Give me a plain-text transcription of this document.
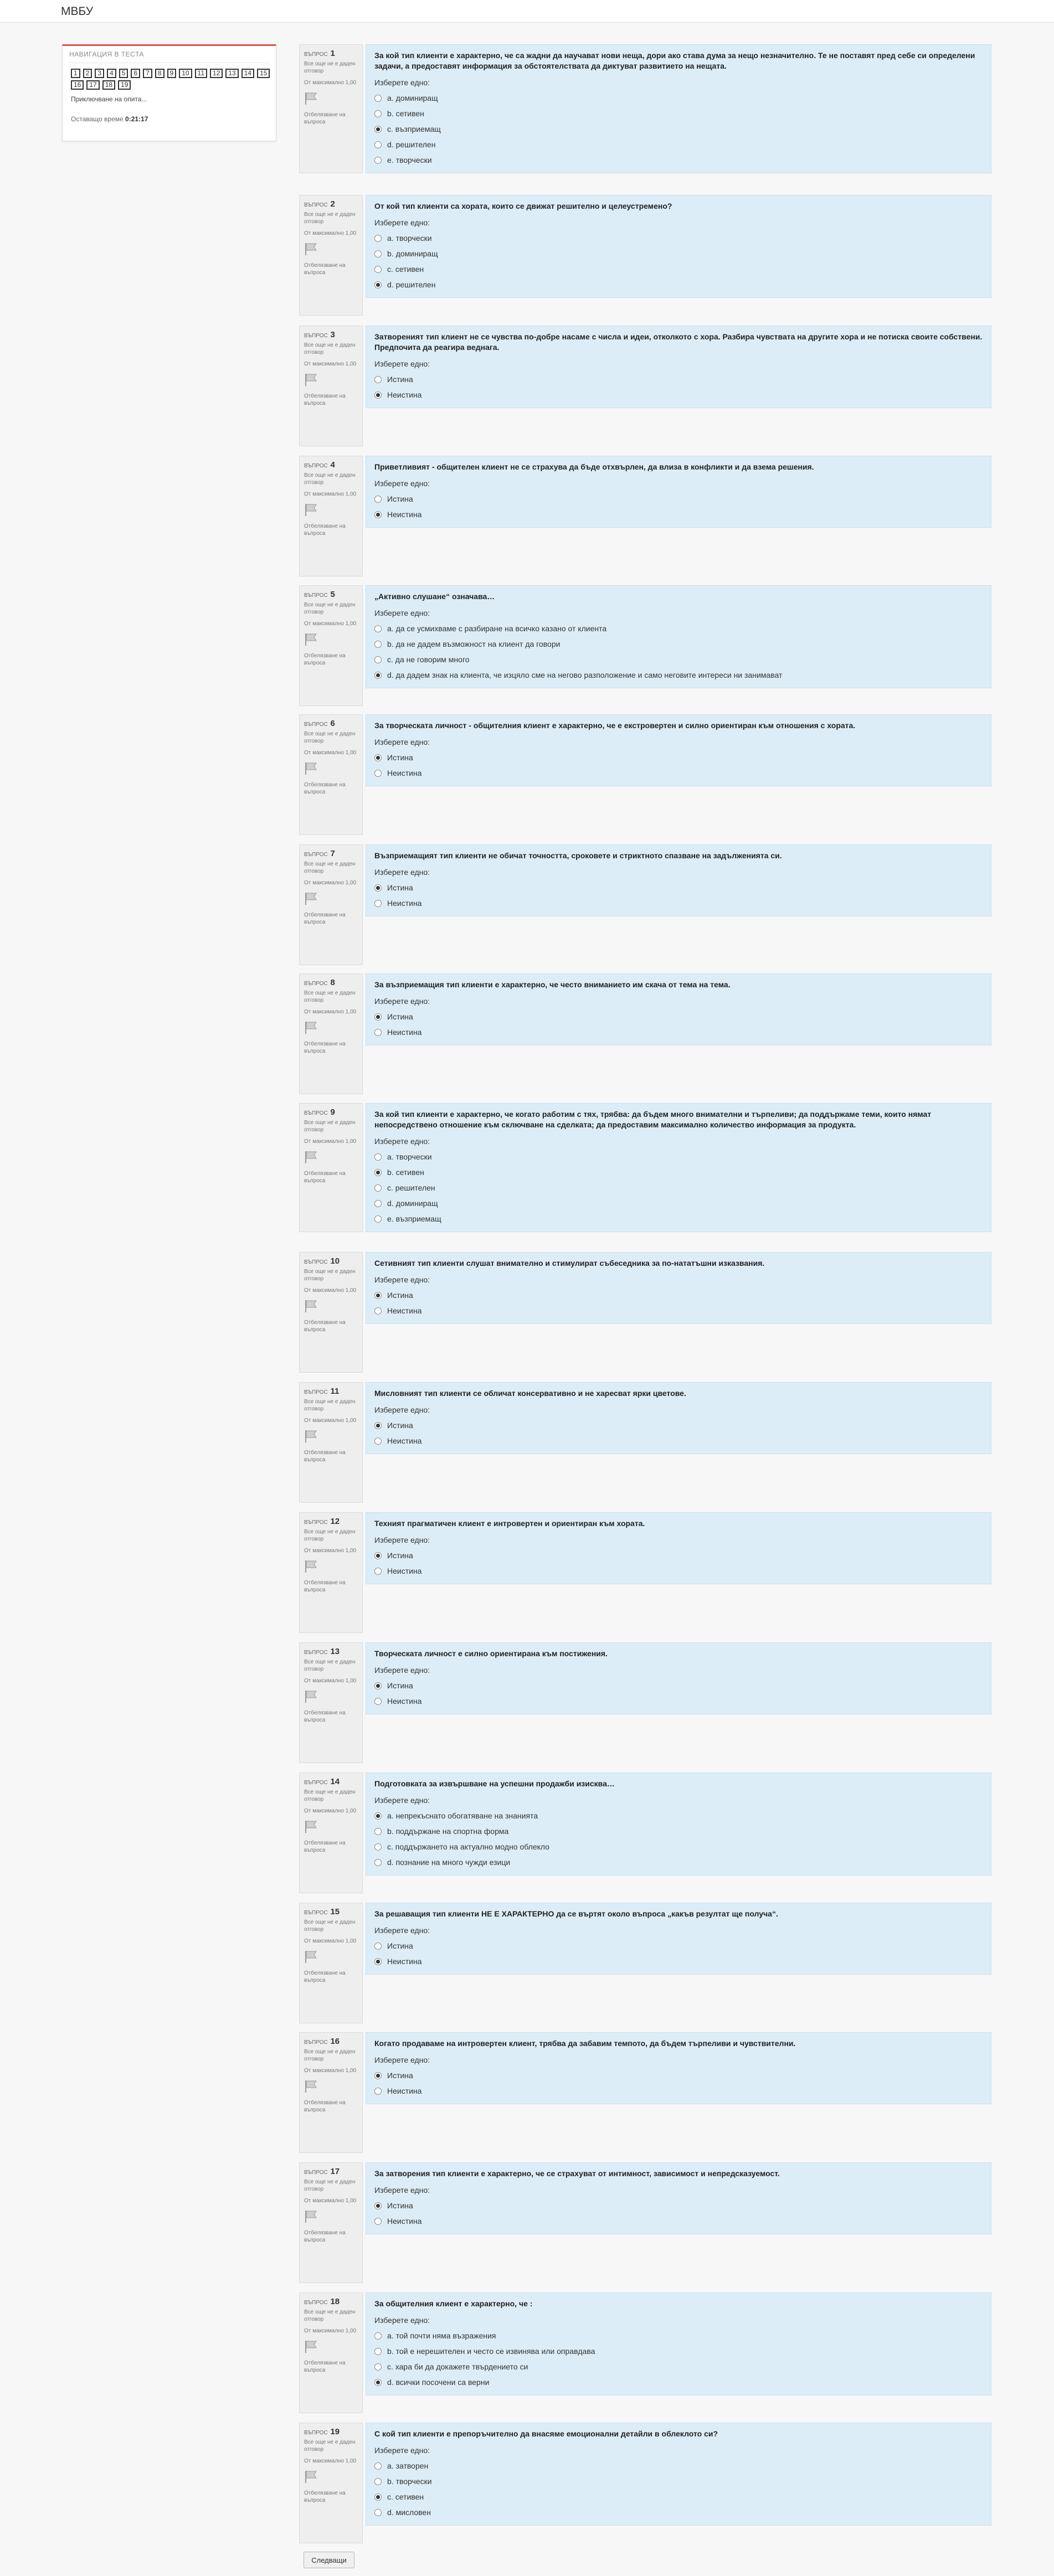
МВБУ
НАВИГАЦИЯ В ТЕСТА
1	2	3	4	5	6	7	8	9	10	11	12	13	14	15
16	17	18	19
Приключване на опита...
Оставащо време 0:21:17
ВЪПРОС 1
Все още не е даден отговор
От максимално 1,00
Отбелязване на въпроса
За кой тип клиенти е характерно, че са жадни да научават нови неща, дори ако става дума за нещо незначително. Те не поставят пред себе си определени задачи, а предоставят информация за обстоятелствата да диктуват развитието на нещата.
Изберете едно:
a. доминиращ
b. сетивен
c. възприемащ
d. решителен
e. творчески
ВЪПРОС 2
Все още не е даден отговор
От максимално 1,00
Отбелязване на въпроса
От кой тип клиенти са хората, които се движат решително и целеустремено?
Изберете едно:
a. творчески
b. доминиращ
c. сетивен
d. решителен
ВЪПРОС 3
Все още не е даден отговор
От максимално 1,00
Отбелязване на въпроса
Затвореният тип клиент не се чувства по-добре насаме с числа и идеи, отколкото с хора. Разбира чувствата на другите хора и не потиска своите собствени. Предпочита да реагира веднага.
Изберете едно:
Истина
Неистина
ВЪПРОС 4
Все още не е даден отговор
От максимално 1,00
Отбелязване на въпроса
Привeтливият - общителен клиент не се страхува да бъде отхвърлен, да влиза в конфликти и да взема решения.
Изберете едно:
Истина
Неистина
ВЪПРОС 5
Все още не е даден отговор
От максимално 1,00
Отбелязване на въпроса
„Активно слушане“ означава…
Изберете едно:
a. да се усмихваме с разбиране на всичко казано от клиента
b. да не дадем възможност на клиент да говори
c. да не говорим много
d. да дадем знак на клиента, че изцяло сме на негово разположение и само неговите интереси ни занимават
ВЪПРОС 6
Все още не е даден отговор
От максимално 1,00
Отбелязване на въпроса
За творческата личност - общителния клиент е характерно, че е екстровертен и силно ориентиран към отношения с хората.
Изберете едно:
Истина
Неистина
ВЪПРОС 7
Все още не е даден отговор
От максимално 1,00
Отбелязване на въпроса
Възприемащият тип клиенти не обичат точността, сроковете и стриктното спазване на задълженията си.
Изберете едно:
Истина
Неистина
ВЪПРОС 8
Все още не е даден отговор
От максимално 1,00
Отбелязване на въпроса
За възприемащия тип клиенти е характерно, че често вниманието им скача от тема на тема.
Изберете едно:
Истина
Неистина
ВЪПРОС 9
Все още не е даден отговор
От максимално 1,00
Отбелязване на въпроса
За кой тип клиенти е характерно, че когато работим с тях, трябва: да бъдем много внимателни и търпеливи; да поддържаме теми, които нямат непосредствено отношение към сключване на сделката; да предоставим максимално количество информация за продукта.
Изберете едно:
a. творчески
b. сетивен
c. решителен
d. доминиращ
e. възприемащ
ВЪПРОС 10
Все още не е даден отговор
От максимално 1,00
Отбелязване на въпроса
Сетивният тип клиенти слушат внимателно и стимулират събеседника за по-нататъшни изказвания.
Изберете едно:
Истина
Неистина
ВЪПРОС 11
Все още не е даден отговор
От максимално 1,00
Отбелязване на въпроса
Мисловният тип клиенти се обличат консервативно и не харесват ярки цветове.
Изберете едно:
Истина
Неистина
ВЪПРОС 12
Все още не е даден отговор
От максимално 1,00
Отбелязване на въпроса
Техният прагматичен клиент е интровертен и ориентиран към хората.
Изберете едно:
Истина
Неистина
ВЪПРОС 13
Все още не е даден отговор
От максимално 1,00
Отбелязване на въпроса
Творческата личност е силно ориентирана към постижения.
Изберете едно:
Истина
Неистина
ВЪПРОС 14
Все още не е даден отговор
От максимално 1,00
Отбелязване на въпроса
Подготовката за извършване на успешни продажби изисква…
Изберете едно:
a. непрекъснато обогатяване на знанията
b. поддържане на спортна форма
c. поддържането на актуално модно облекло
d. познание на много чужди езици
ВЪПРОС 15
Все още не е даден отговор
От максимално 1,00
Отбелязване на въпроса
За решаващия тип клиенти НЕ Е ХАРАКТЕРНО да се въртят около въпроса „какъв резултат ще получа“.
Изберете едно:
Истина
Неистина
ВЪПРОС 16
Все още не е даден отговор
От максимално 1,00
Отбелязване на въпроса
Когато продаваме на интровертен клиент, трябва да забавим темпото, да бъдем търпеливи и чувствителни.
Изберете едно:
Истина
Неистина
ВЪПРОС 17
Все още не е даден отговор
От максимално 1,00
Отбелязване на въпроса
За затворения тип клиенти е характерно, че се страхуват от интимност, зависимост и непредсказуемост.
Изберете едно:
Истина
Неистина
ВЪПРОС 18
Все още не е даден отговор
От максимално 1,00
Отбелязване на въпроса
За общителния клиент е характерно, че :
Изберете едно:
a. той почти няма възражения
b. той е нерешителен и често се извинява или оправдава
c. хара би да докажете твърдението си
d. всички посочени са верни
ВЪПРОС 19
Все още не е даден отговор
От максимално 1,00
Отбелязване на въпроса
С кой тип клиенти е препоръчително да внасяме емоционални детайли в облеклото си?
Изберете едно:
a. затворен
b. творчески
c. сетивен
d. мисловен
Следващи
